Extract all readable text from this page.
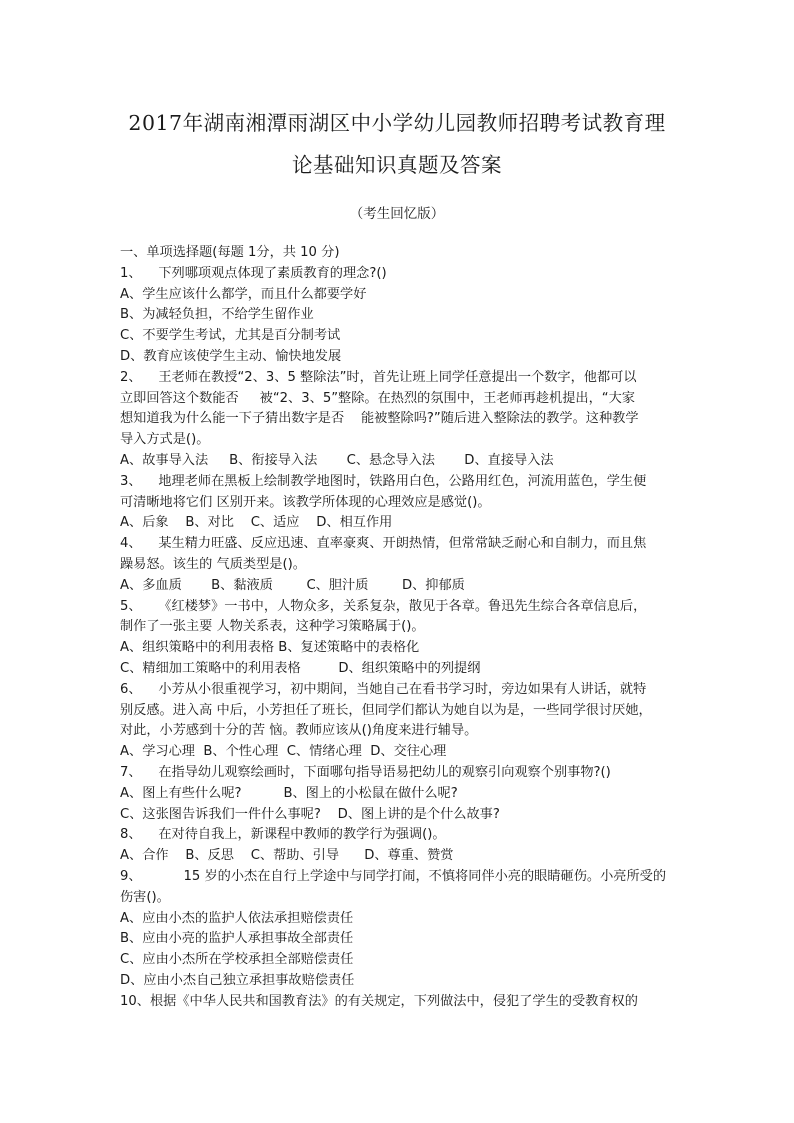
2017年湖南湘潭雨湖区中小学幼儿园教师招聘考试教育理
论基础知识真题及答案
（考生回忆版）
一、单项选择题(每题 1分，共 10 分)
1、    下列哪项观点体现了素质教育的理念?()
A、学生应该什么都学，而且什么都要学好
B、为减轻负担，不给学生留作业
C、不要学生考试，尤其是百分制考试
D、教育应该使学生主动、愉快地发展
2、    王老师在教授“2、3、5 整除法”时，首先让班上同学任意提出一个数字，他都可以
立即回答这个数能否     被“2、3、5”整除。在热烈的氛围中，王老师再趁机提出，“大家
想知道我为什么能一下子猜出数字是否    能被整除吗?”随后进入整除法的教学。这种教学
导入方式是()。
A、故事导入法     B、衔接导入法       C、悬念导入法       D、直接导入法
3、    地理老师在黑板上绘制教学地图时，铁路用白色，公路用红色，河流用蓝色，学生便
可清晰地将它们 区别开来。该教学所体现的心理效应是感觉()。
A、后象    B、对比    C、适应    D、相互作用
4、    某生精力旺盛、反应迅速、直率豪爽、开朗热情，但常常缺乏耐心和自制力，而且焦
躁易怒。该生的 气质类型是()。
A、多血质       B、黏液质        C、胆汁质        D、抑郁质
5、    《红楼梦》一书中，人物众多，关系复杂，散见于各章。鲁迅先生综合各章信息后，
制作了一张主要 人物关系表，这种学习策略属于()。
A、组织策略中的利用表格 B、复述策略中的表格化
C、精细加工策略中的利用表格         D、组织策略中的列提纲
6、    小芳从小很重视学习，初中期间，当她自己在看书学习时，旁边如果有人讲话，就特
别反感。进入高 中后，小芳担任了班长，但同学们都认为她自以为是，一些同学很讨厌她，
对此，小芳感到十分的苦 恼。教师应该从()角度来进行辅导。
A、学习心理  B、个性心理  C、情绪心理  D、交往心理
7、    在指导幼儿观察绘画时，下面哪句指导语易把幼儿的观察引向观察个别事物?()
A、图上有些什么呢?          B、图上的小松鼠在做什么呢?
C、这张图告诉我们一件什么事呢?    D、图上讲的是个什么故事?
8、    在对待自我上，新课程中教师的教学行为强调()。
A、合作    B、反思    C、帮助、引导      D、尊重、赞赏
9、          15 岁的小杰在自行上学途中与同学打闹，不慎将同伴小亮的眼睛砸伤。小亮所受的
伤害()。
A、应由小杰的监护人依法承担赔偿责任
B、应由小亮的监护人承担事故全部责任
C、应由小杰所在学校承担全部赔偿责任
D、应由小杰自己独立承担事故赔偿责任
10、根据《中华人民共和国教育法》的有关规定，下列做法中，侵犯了学生的受教育权的
